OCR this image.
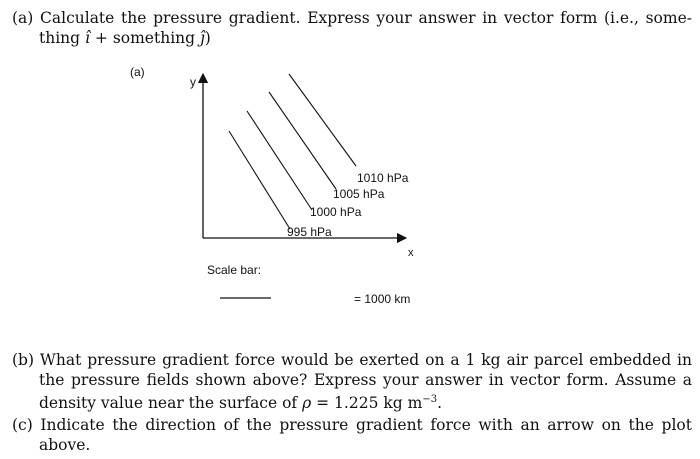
(a) Calculate the pressure gradient. Express your answer in vector form (i.e., some-
thing ı̂ + something ȷ̂)
(a)
y
x
995 hPa
1000 hPa
1005 hPa
1010 hPa
Scale bar:
= 1000 km
(b) What pressure gradient force would be exerted on a 1 kg air parcel embedded in
the pressure fields shown above? Express your answer in vector form. Assume a
density value near the surface of ρ = 1.225 kg $m^{-3}$.
(c) Indicate the direction of the pressure gradient force with an arrow on the plot
above.
